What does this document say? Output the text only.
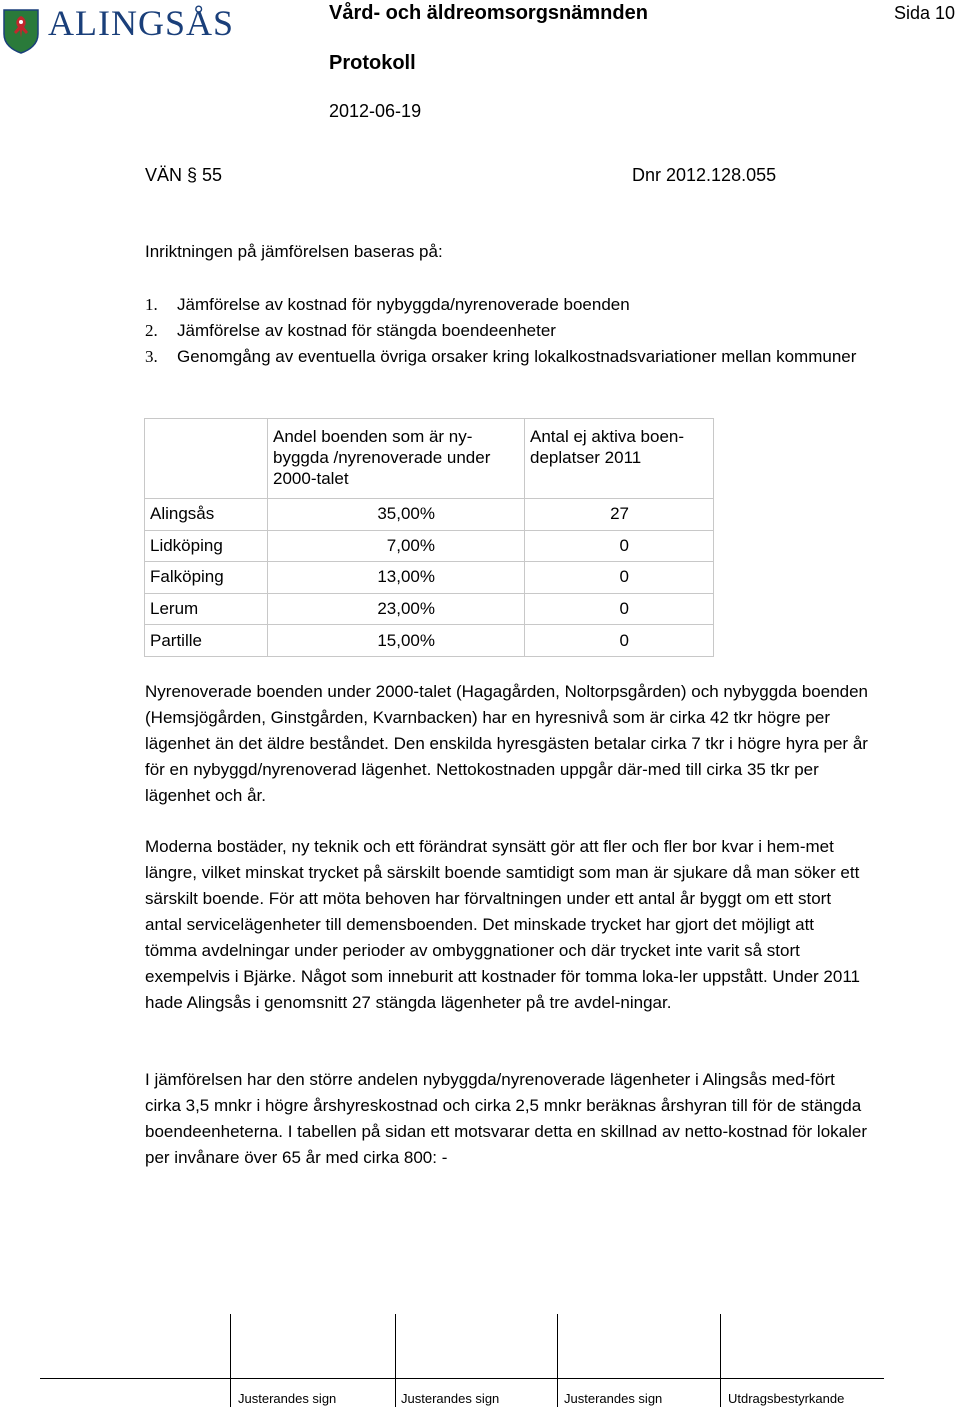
ALINGSÅS	Vård- och äldreomsorgsnämnden
Protokoll
2012-06-19
Sida 10
VÄN § 55	Dnr 2012.128.055
Inriktningen på jämförelsen baseras på:
1.	Jämförelse av kostnad för nybyggda/nyrenoverade boenden
2.	Jämförelse av kostnad för stängda boendeenheter
3.	Genomgång av eventuella övriga orsaker kring lokalkostnadsvariationer mellan kommuner
	Andel boenden som är ny-byggda /nyrenoverade under 2000-talet	Antal ej aktiva boen-deplatser 2011
Alingsås	35,00%	27
Lidköping	7,00%	0
Falköping	13,00%	0
Lerum	23,00%	0
Partille	15,00%	0
Nyrenoverade boenden under 2000-talet (Hagagården, Noltorpsgården) och nybyggda boenden (Hemsjögården, Ginstgården, Kvarnbacken) har en hyresnivå som är cirka 42 tkr högre per lägenhet än det äldre beståndet. Den enskilda hyresgästen betalar cirka 7 tkr i högre hyra per år för en nybyggd/nyrenoverad lägenhet. Nettokostnaden uppgår där-med till cirka 35 tkr per lägenhet och år.
Moderna bostäder, ny teknik och ett förändrat synsätt gör att fler och fler bor kvar i hem-met längre, vilket minskat trycket på särskilt boende samtidigt som man är sjukare då man söker ett särskilt boende. För att möta behoven har förvaltningen under ett antal år byggt om ett stort antal servicelägenheter till demensboenden. Det minskade trycket har gjort det möjligt att tömma avdelningar under perioder av ombyggnationer och där trycket inte varit så stort exempelvis i Bjärke. Något som inneburit att kostnader för tomma loka-ler uppstått. Under 2011 hade Alingsås i genomsnitt 27 stängda lägenheter på tre avdel-ningar.
I jämförelsen har den större andelen nybyggda/nyrenoverade lägenheter i Alingsås med-fört cirka 3,5 mnkr i högre årshyreskostnad och cirka 2,5 mnkr beräknas årshyran till för de stängda boendeenheterna. I tabellen på sidan ett motsvarar detta en skillnad av netto-kostnad för lokaler per invånare över 65 år med cirka 800: -
Justerandes sign	Justerandes sign	Justerandes sign	Utdragsbestyrkande
